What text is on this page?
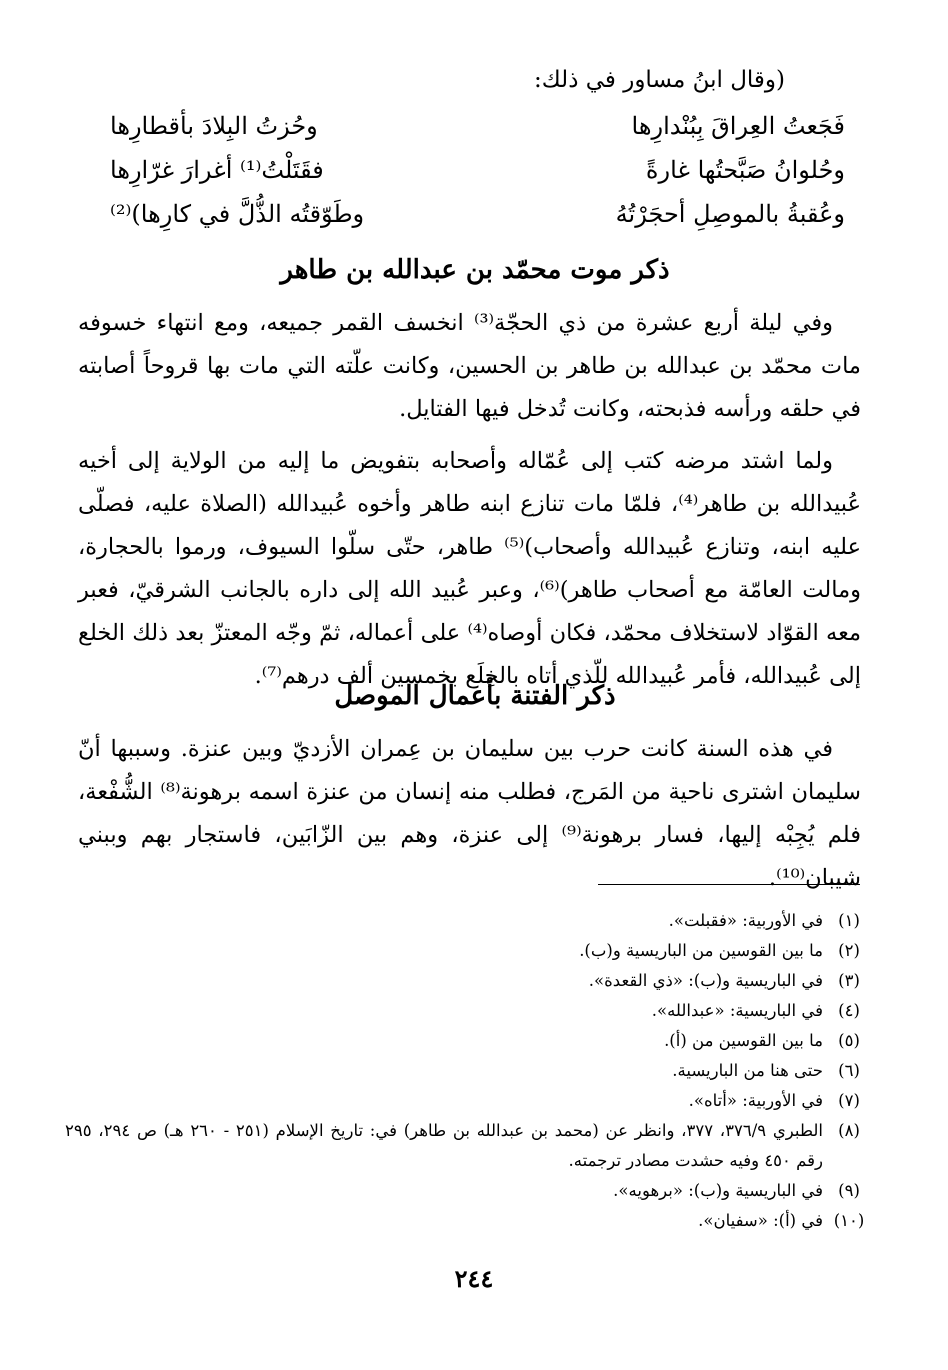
(وقال ابنُ مساور في ذلك:
فَجَعتُ العِراقَ بِبُنْدارِها
وحُزتُ البِلادَ بأقطارِها
وحُلوانُ صَبَّحتُها غارةً
فقَتَلْتُ⁽¹⁾ أغرارَ غرّارِها
وعُقبةُ بالموصِلِ أحجَرْتُهُ
وطَوّقتُه الذُّلَّ في كارِها)⁽²⁾
ذكر موت محمّد بن عبدالله بن طاهر

وفي ليلة أربع عشرة من ذي الحجّة⁽³⁾ انخسف القمر جميعه، ومع انتهاء خسوفه مات محمّد بن عبدالله بن طاهر بن الحسين، وكانت علّته التي مات بها قروحاً أصابته في حلقه ورأسه فذبحته، وكانت تُدخل فيها الفتايل.

ولما اشتد مرضه كتب إلى عُمّاله وأصحابه بتفويض ما إليه من الولاية إلى أخيه عُبيدالله بن طاهر⁽⁴⁾، فلمّا مات تنازع ابنه طاهر وأخوه عُبيدالله (الصلاة عليه، فصلّى عليه ابنه، وتنازع عُبيدالله وأصحاب)⁽⁵⁾ طاهر، حتّى سلّوا السيوف، ورموا بالحجارة، ومالت العامّة مع أصحاب طاهر)⁽⁶⁾، وعبر عُبيد الله إلى داره بالجانب الشرقيّ، فعبر معه القوّاد لاستخلاف محمّد، فكان أوصاه⁽⁴⁾ على أعماله، ثمّ وجّه المعتزّ بعد ذلك الخلع إلى عُبيدالله، فأمر عُبيدالله للّذي أتاه بالخِلَع بخمسين ألف درهم⁽⁷⁾.

ذكر الفتنة بأعمال الموصل

في هذه السنة كانت حرب بين سليمان بن عِمران الأزديّ وبين عنزة. وسببها أنّ سليمان اشترى ناحية من المَرج، فطلب منه إنسان من عنزة اسمه برهونة⁽⁸⁾ الشُّفْعة، فلم يُجِبْه إليها، فسار برهونة⁽⁹⁾ إلى عنزة، وهم بين الزّابَين، فاستجار بهم وببني شيبان⁽¹⁰⁾.

(١)
في الأوربية: «فقبلت».
(٢)
ما بين القوسين من الباريسية و(ب).
(٣)
في الباريسية و(ب): «ذي القعدة».
(٤)
في الباريسية: «عبدالله».
(٥)
ما بين القوسين من (أ).
(٦)
حتى هنا من الباريسية.
(٧)
في الأوربية: «أتاه».
(٨)
الطبري ٣٧٦/٩، ٣٧٧، وانظر عن (محمد بن عبدالله بن طاهر) في: تاريخ الإسلام (٢٥١ - ٢٦٠ هـ) ص ٢٩٤، ٢٩٥ رقم ٤٥٠ وفيه حشدت مصادر ترجمته.
(٩)
في الباريسية و(ب): «برهويه».
(١٠)
في (أ): «سفيان».
٢٤٤
